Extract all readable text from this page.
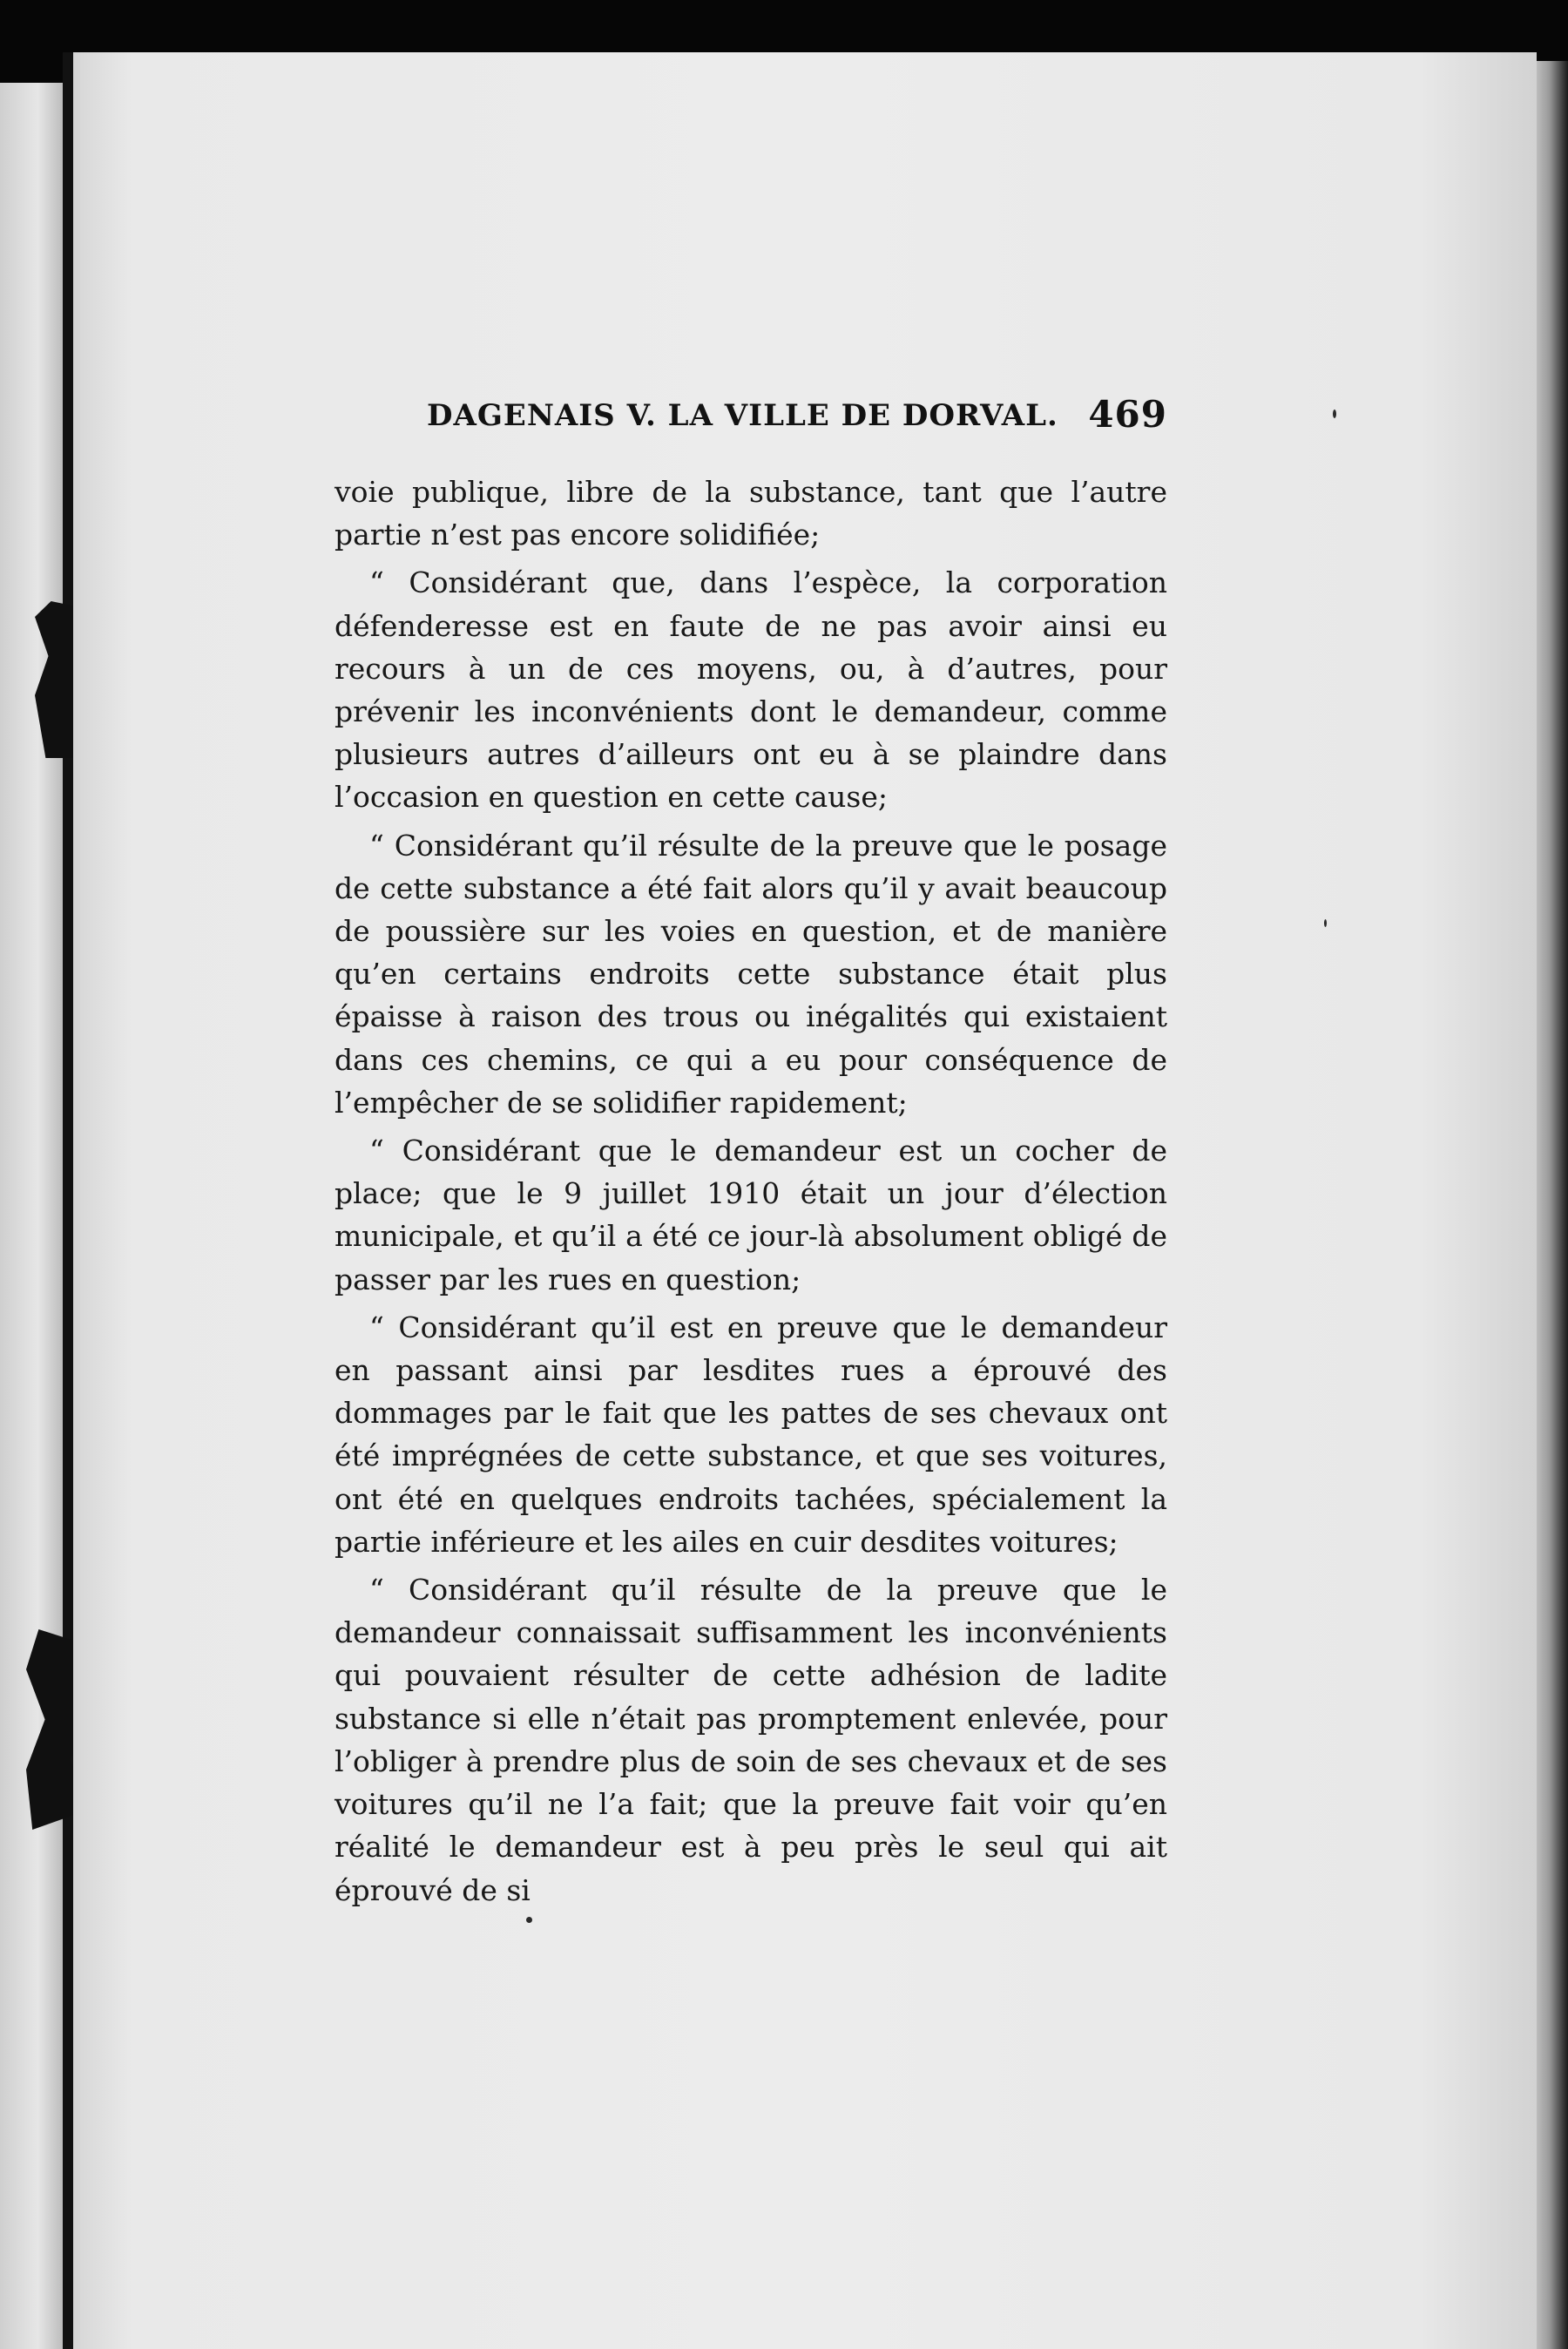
DAGENAIS V. LA VILLE DE DORVAL. 469

voie publique, libre de la substance, tant que l’autre partie n’est pas encore solidifiée;

“ Considérant que, dans l’espèce, la corporation défenderesse est en faute de ne pas avoir ainsi eu recours à un de ces moyens, ou, à d’autres, pour prévenir les inconvénients dont le demandeur, comme plusieurs autres d’ailleurs ont eu à se plaindre dans l’occasion en question en cette cause;

“ Considérant qu’il résulte de la preuve que le posage de cette substance a été fait alors qu’il y avait beaucoup de poussière sur les voies en question, et de manière qu’en certains endroits cette substance était plus épaisse à raison des trous ou inégalités qui existaient dans ces chemins, ce qui a eu pour conséquence de l’empêcher de se solidifier rapidement;

“ Considérant que le demandeur est un cocher de place; que le 9 juillet 1910 était un jour d’élection municipale, et qu’il a été ce jour-là absolument obligé de passer par les rues en question;

“ Considérant qu’il est en preuve que le demandeur en passant ainsi par lesdites rues a éprouvé des dommages par le fait que les pattes de ses chevaux ont été imprégnées de cette substance, et que ses voitures, ont été en quelques endroits tachées, spécialement la partie inférieure et les ailes en cuir desdites voitures;

“ Considérant qu’il résulte de la preuve que le demandeur connaissait suffisamment les inconvénients qui pouvaient résulter de cette adhésion de ladite substance si elle n’était pas promptement enlevée, pour l’obliger à prendre plus de soin de ses chevaux et de ses voitures qu’il ne l’a fait; que la preuve fait voir qu’en réalité le demandeur est à peu près le seul qui ait éprouvé de si
